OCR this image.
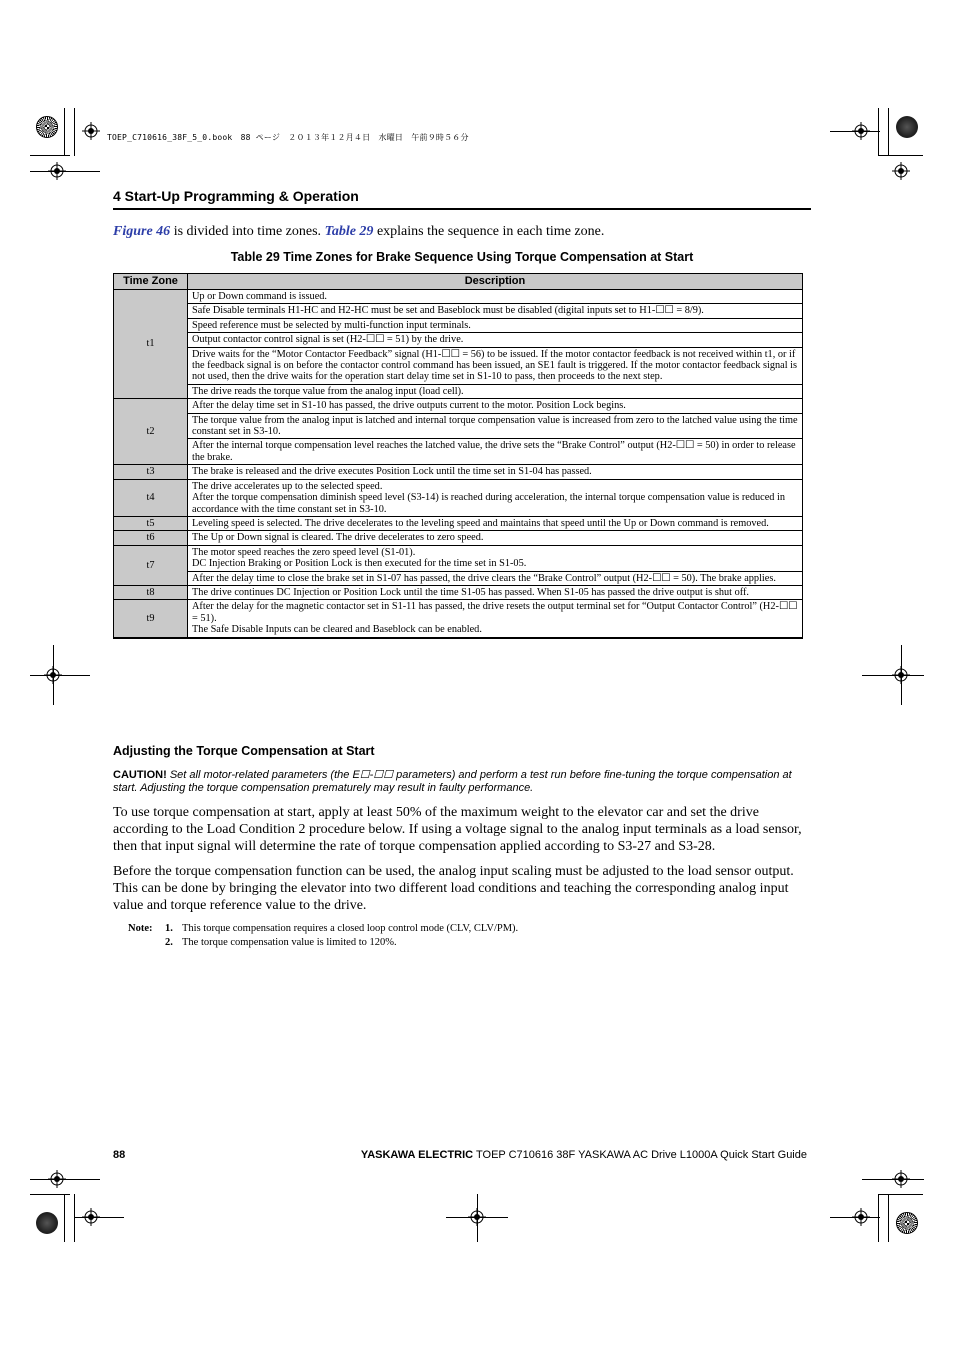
TOEP_C710616_38F_5_0.book　88 ページ　２０１３年１２月４日　水曜日　午前９時５６分
4 Start-Up Programming & Operation
Figure 46 is divided into time zones. Table 29 explains the sequence in each time zone.
Table 29 Time Zones for Brake Sequence Using Torque Compensation at Start
Time Zone	Description
t1	Up or Down command is issued.
	Safe Disable terminals H1-HC and H2-HC must be set and Baseblock must be disabled (digital inputs set to H1-☐☐ = 8/9).
	Speed reference must be selected by multi-function input terminals.
	Output contactor control signal is set (H2-☐☐ = 51) by the drive.
	Drive waits for the “Motor Contactor Feedback” signal (H1-☐☐ = 56) to be issued. If the motor contactor feedback is not received within t1, or if the feedback signal is on before the contactor control command has been issued, an SE1 fault is triggered. If the motor contactor feedback signal is not used, then the drive waits for the operation start delay time set in S1-10 to pass, then proceeds to the next step.
	The drive reads the torque value from the analog input (load cell).
t2	After the delay time set in S1-10 has passed, the drive outputs current to the motor. Position Lock begins.
	The torque value from the analog input is latched and internal torque compensation value is increased from zero to the latched value using the time constant set in S3-10.
	After the internal torque compensation level reaches the latched value, the drive sets the “Brake Control” output (H2-☐☐ = 50) in order to release the brake.
t3	The brake is released and the drive executes Position Lock until the time set in S1-04 has passed.
t4	The drive accelerates up to the selected speed.
After the torque compensation diminish speed level (S3-14) is reached during acceleration, the internal torque compensation value is reduced in accordance with the time constant set in S3-10.
t5	Leveling speed is selected. The drive decelerates to the leveling speed and maintains that speed until the Up or Down command is removed.
t6	The Up or Down signal is cleared. The drive decelerates to zero speed.
t7	The motor speed reaches the zero speed level (S1-01).
DC Injection Braking or Position Lock is then executed for the time set in S1-05.
	After the delay time to close the brake set in S1-07 has passed, the drive clears the “Brake Control” output (H2-☐☐ = 50). The brake applies.
t8	The drive continues DC Injection or Position Lock until the time S1-05 has passed. When S1-05 has passed the drive output is shut off.
t9	After the delay for the magnetic contactor set in S1-11 has passed, the drive resets the output terminal set for “Output Contactor Control” (H2-☐☐ = 51).
The Safe Disable Inputs can be cleared and Baseblock can be enabled.
Adjusting the Torque Compensation at Start
CAUTION! Set all motor-related parameters (the E☐-☐☐ parameters) and perform a test run before fine-tuning the torque compensation at start. Adjusting the torque compensation prematurely may result in faulty performance.
To use torque compensation at start, apply at least 50% of the maximum weight to the elevator car and set the drive according to the Load Condition 2 procedure below. If using a voltage signal to the analog input terminals as a load sensor, then that input signal will determine the rate of torque compensation applied according to S3-27 and S3-28.
Before the torque compensation function can be used, the analog input scaling must be adjusted to the load sensor output. This can be done by bringing the elevator into two different load conditions and teaching the corresponding analog input value and torque reference value to the drive.
Note: 1. This torque compensation requires a closed loop control mode (CLV, CLV/PM).
2. The torque compensation value is limited to 120%.
88	YASKAWA ELECTRIC TOEP C710616 38F YASKAWA AC Drive L1000A Quick Start Guide
